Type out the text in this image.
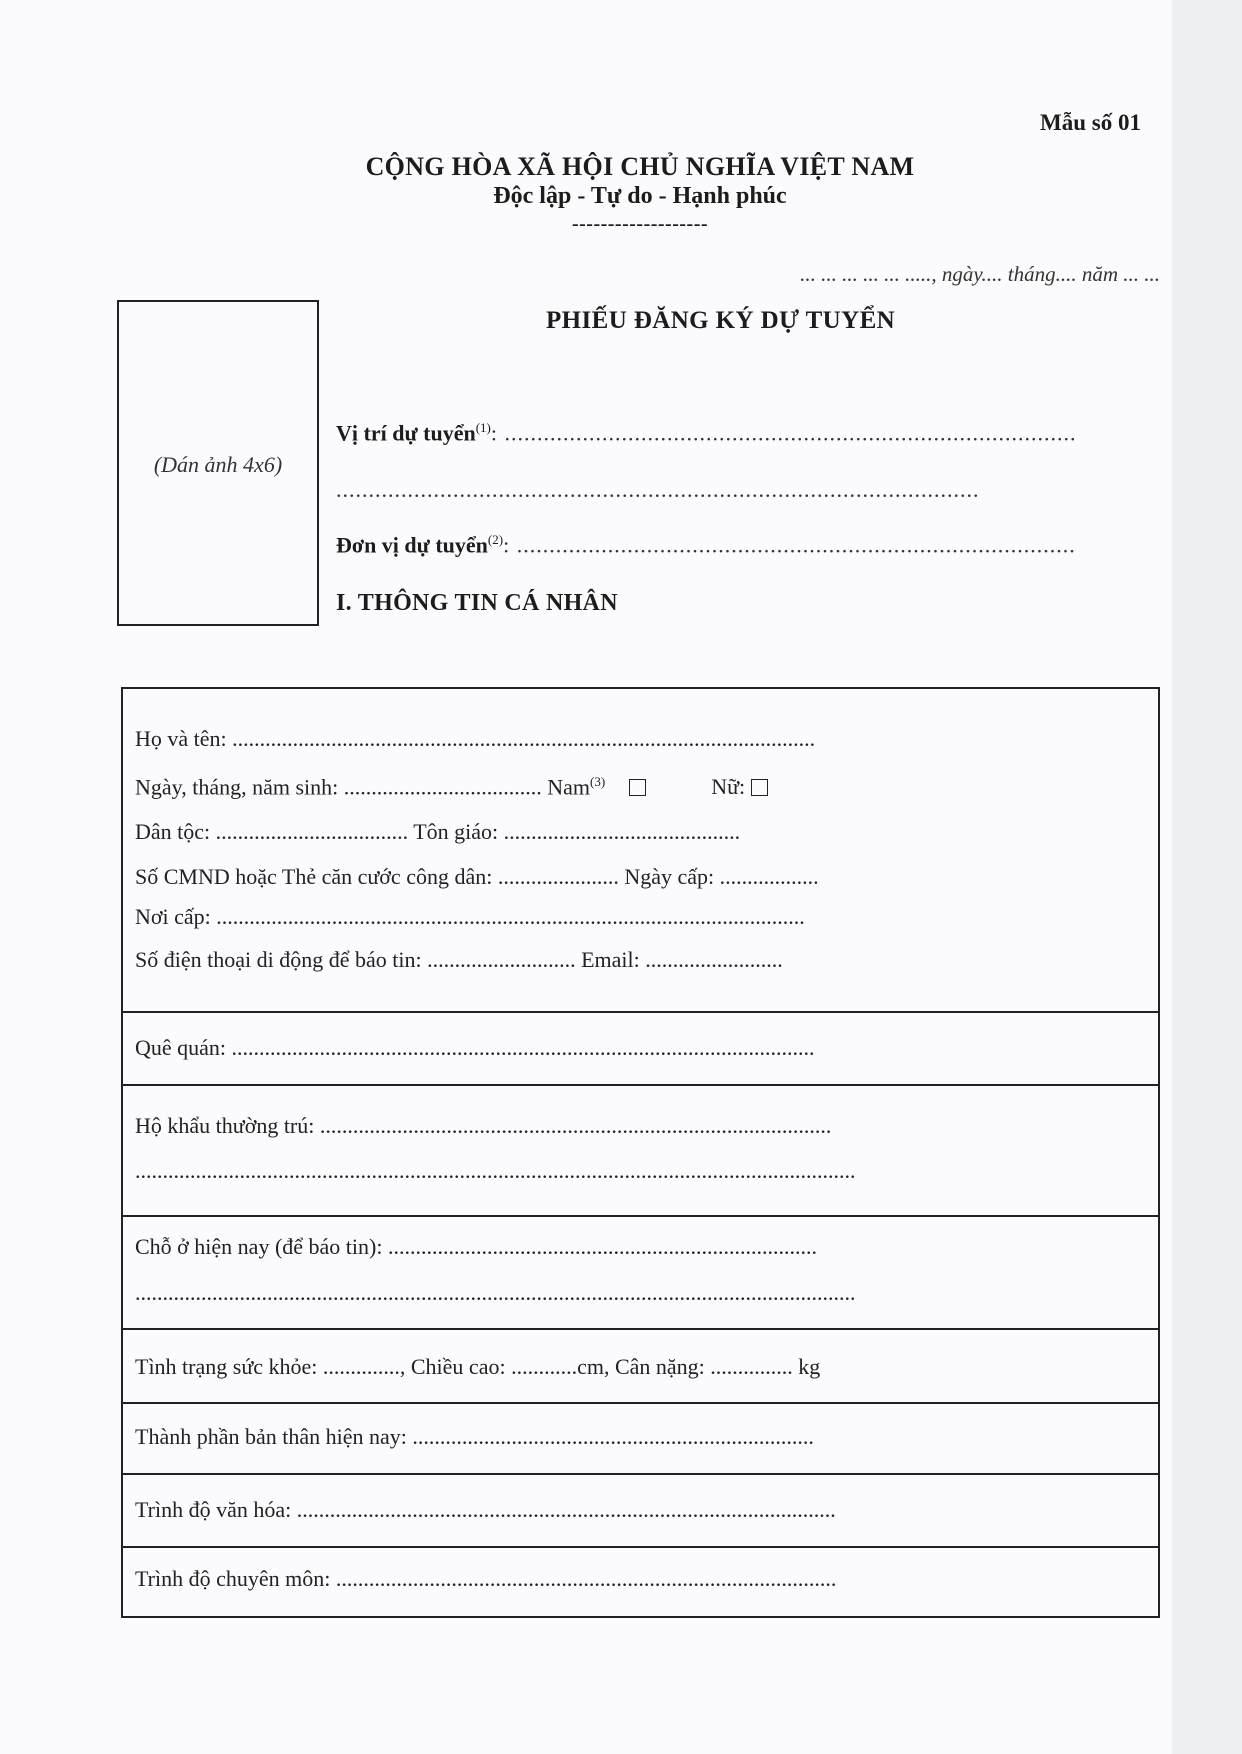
Mẫu số 01
CỘNG HÒA XÃ HỘI CHỦ NGHĨA VIỆT NAM
Độc lập - Tự do - Hạnh phúc
-------------------
... ... ... ... ... ....., ngày.... tháng.... năm ... ...
PHIẾU ĐĂNG KÝ DỰ TUYỂN
(Dán ảnh 4x6)
Vị trí dự tuyển$^{(1)}$: ........................................................................................
...................................................................................................
Đơn vị dự tuyển$^{(2)}$: ......................................................................................
I. THÔNG TIN CÁ NHÂN
Họ và tên: ..........................................................................................................
Ngày, tháng, năm sinh: .................................... Nam$^{(3)}$	Nữ:
Dân tộc: ................................... Tôn giáo: ...........................................
Số CMND hoặc Thẻ căn cước công dân: ...................... Ngày cấp: ..................
Nơi cấp: ...........................................................................................................
Số điện thoại di động để báo tin: ........................... Email: .........................
Quê quán: ..........................................................................................................
Hộ khẩu thường trú: .............................................................................................
...................................................................................................................................
Chỗ ở hiện nay (để báo tin): ..............................................................................
...................................................................................................................................
Tình trạng sức khỏe: .............., Chiều cao: ............cm, Cân nặng: ............... kg
Thành phần bản thân hiện nay: .........................................................................
Trình độ văn hóa: ..................................................................................................
Trình độ chuyên môn: ...........................................................................................
